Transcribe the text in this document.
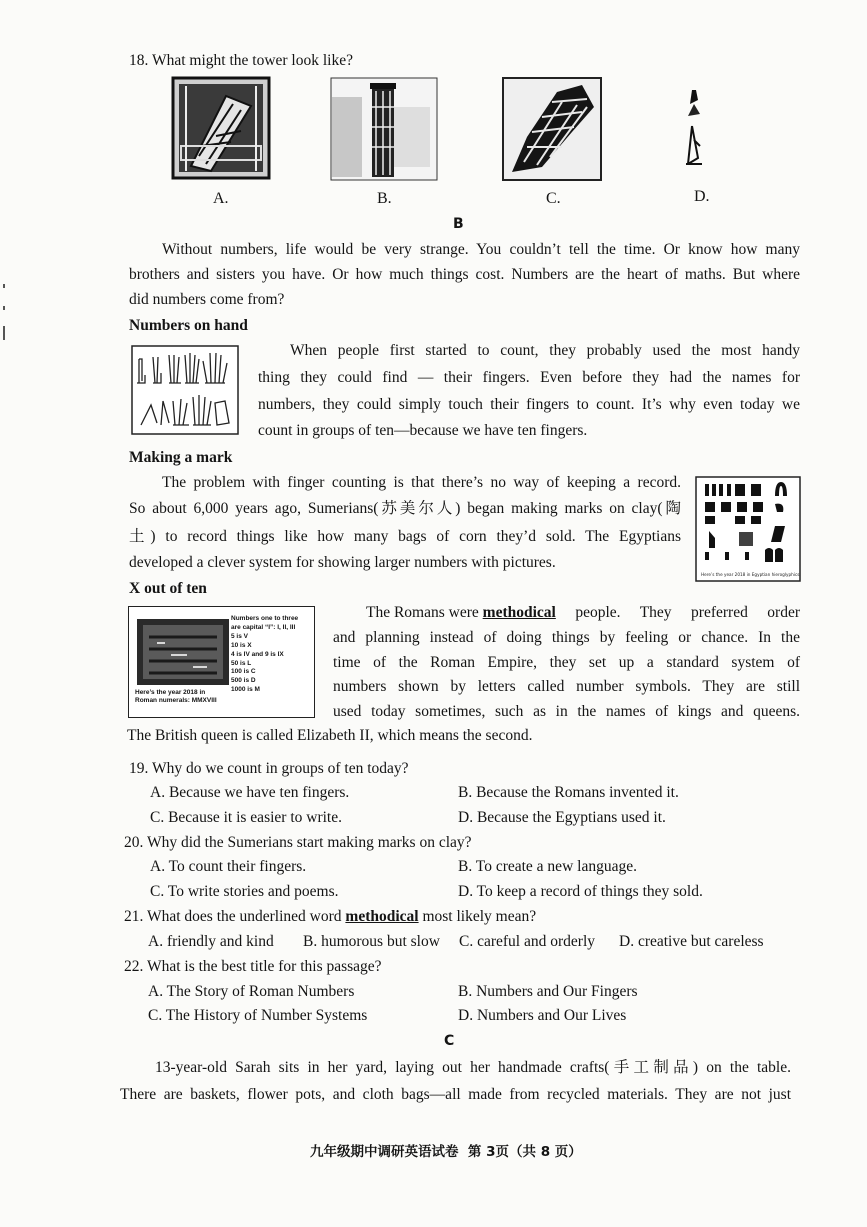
18. What might the tower look like?
A.	B.	C.	D.
B
Without numbers, life would be very strange. You couldn’t tell the time. Or know how many
brothers and sisters you have. Or how much things cost. Numbers are the heart of maths. But where
did numbers come from?
Numbers on hand
When people first started to count, they probably used the most handy
thing they could find — their fingers. Even before they had the names for
numbers, they could simply touch their fingers to count. It’s why even today we
count in groups of ten—because we have ten fingers.
Making a mark
The problem with finger counting is that there’s no way of keeping a record.
So about 6,000 years ago, Sumerians(苏美尔人) began making marks on clay(陶
土) to record things like how many bags of corn they’d sold. The Egyptians
developed a clever system for showing larger numbers with pictures.
Here’s the year 2018 in Egyptian hieroglyphics
X out of ten
Here’s the year 2018 in
Roman numerals: MMXVIII
Numbers one to three
are capital “I”: I, II, III
5 is V
10 is X
4 is IV and 9 is IX
50 is L
100 is C
500 is D
1000 is M
The Romans were methodical people. They preferred order
and planning instead of doing things by feeling or chance. In the
time of the Roman Empire, they set up a standard system of
numbers shown by letters called number symbols. They are still
used today sometimes, such as in the names of kings and queens.
The British queen is called Elizabeth II, which means the second.
19. Why do we count in groups of ten today?
A. Because we have ten fingers.	B. Because the Romans invented it.
C. Because it is easier to write.	D. Because the Egyptians used it.
20. Why did the Sumerians start making marks on clay?
A. To count their fingers.	B. To create a new language.
C. To write stories and poems.	D. To keep a record of things they sold.
21. What does the underlined word methodical most likely mean?
A. friendly and kind B. humorous but slow C. careful and orderly D. creative but careless
22. What is the best title for this passage?
A. The Story of Roman Numbers	B. Numbers and Our Fingers
C. The History of Number Systems	D. Numbers and Our Lives
C
13-year-old Sarah sits in her yard, laying out her handmade crafts(手工制品) on the table.
There are baskets, flower pots, and cloth bags—all made from recycled materials. They are not just
九年级期中调研英语试卷  第 3页（共 8 页）
